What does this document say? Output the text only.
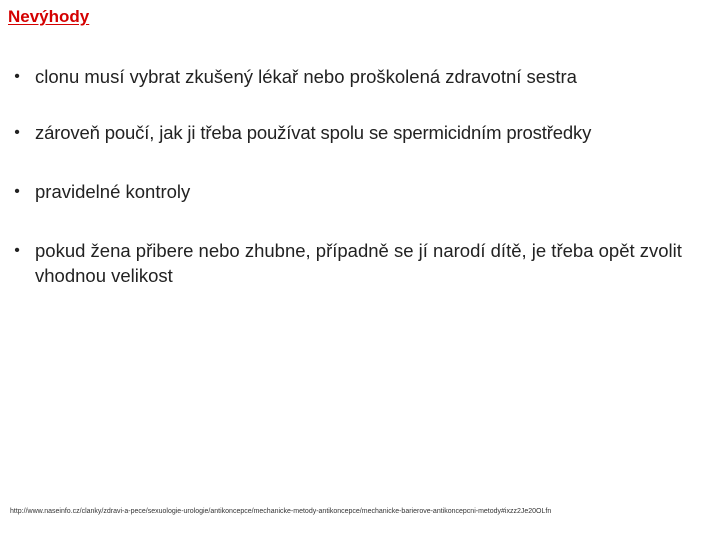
Nevýhody
• clonu musí vybrat zkušený lékař nebo proškolená zdravotní sestra
• zároveň poučí, jak ji třeba používat spolu se spermicidním prostředky
• pravidelné kontroly
• pokud žena přibere nebo zhubne, případně se jí narodí dítě, je třeba opět zvolit vhodnou velikost
http://www.naseinfo.cz/clanky/zdravi-a-pece/sexuologie-urologie/antikoncepce/mechanicke-metody-antikoncepce/mechanicke-barierove-antikoncepcni-metody#ixzz2Je20OLfn
